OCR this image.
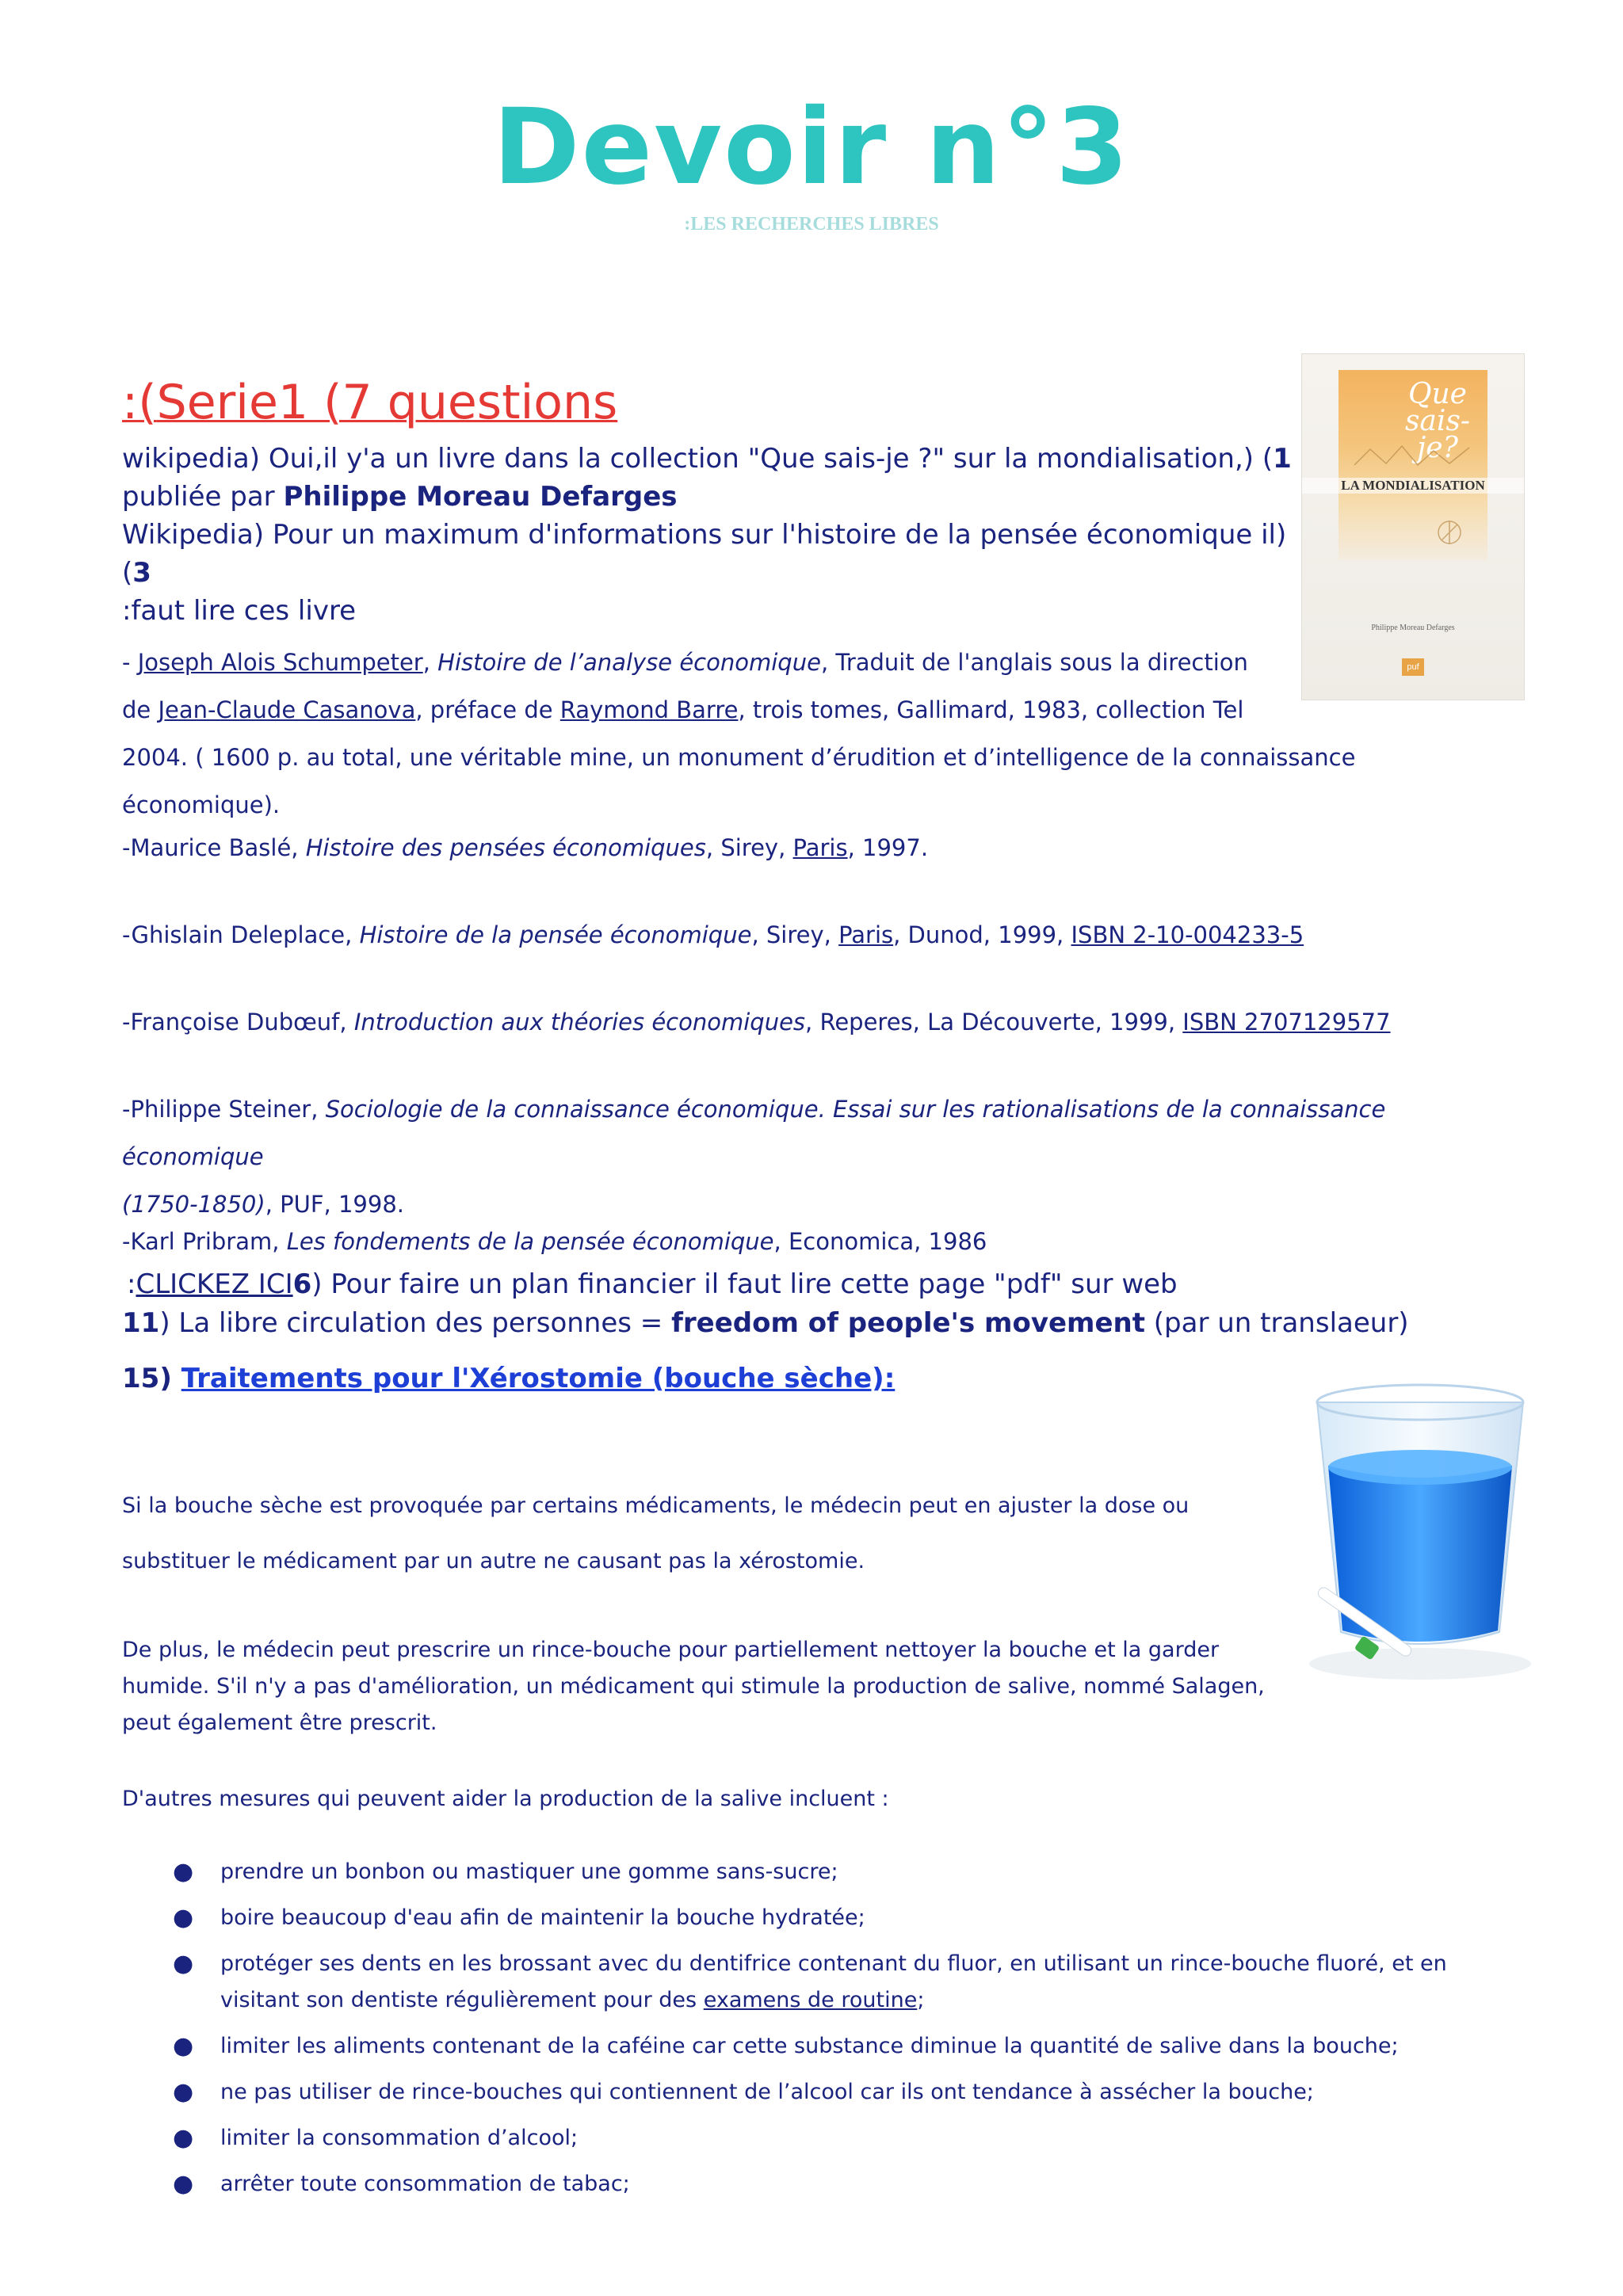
Devoir n°3
:LES RECHERCHES LIBRES
:(Serie1 (7 questions
wikipedia) Oui,il y'a un livre dans la collection "Que sais-je ?" sur la mondialisation,) (1
publiée par Philippe Moreau Defarges
Wikipedia) Pour un maximum d'informations sur l'histoire de la pensée économique il) (3
:faut lire ces livre
Que sais-je?
LA MONDIALISATION
Philippe Moreau Defarges
puf
- Joseph Alois Schumpeter, Histoire de l’analyse économique, Traduit de l'anglais sous la direction
de Jean-Claude Casanova, préface de Raymond Barre, trois tomes, Gallimard, 1983, collection Tel
2004. ( 1600 p. au total, une véritable mine, un monument d’érudition et d’intelligence de la connaissance économique).
-Maurice Baslé, Histoire des pensées économiques, Sirey, Paris, 1997.
-Ghislain Deleplace, Histoire de la pensée économique, Sirey, Paris, Dunod, 1999, ISBN 2-10-004233-5
-Françoise Dubœuf, Introduction aux théories économiques, Reperes, La Découverte, 1999, ISBN 2707129577
-Philippe Steiner, Sociologie de la connaissance économique. Essai sur les rationalisations de la connaissance économique
(1750-1850), PUF, 1998.
-Karl Pribram, Les fondements de la pensée économique, Economica, 1986
:CLICKEZ ICI6) Pour faire un plan financier il faut lire cette page "pdf" sur web
11) La libre circulation des personnes = freedom of people's movement (par un translaeur)
15) Traitements pour l'Xérostomie (bouche sèche):
Si la bouche sèche est provoquée par certains médicaments, le médecin peut en ajuster la dose ou
substituer le médicament par un autre ne causant pas la xérostomie.
De plus, le médecin peut prescrire un rince-bouche pour partiellement nettoyer la bouche et la garder
humide. S'il n'y a pas d'amélioration, un médicament qui stimule la production de salive, nommé Salagen,
peut également être prescrit.
D'autres mesures qui peuvent aider la production de la salive incluent :
● prendre un bonbon ou mastiquer une gomme sans-sucre;
● boire beaucoup d'eau afin de maintenir la bouche hydratée;
● protéger ses dents en les brossant avec du dentifrice contenant du fluor, en utilisant un rince-bouche fluoré, et en
visitant son dentiste régulièrement pour des examens de routine;
● limiter les aliments contenant de la caféine car cette substance diminue la quantité de salive dans la bouche;
● ne pas utiliser de rince-bouches qui contiennent de l’alcool car ils ont tendance à assécher la bouche;
● limiter la consommation d’alcool;
● arrêter toute consommation de tabac;
